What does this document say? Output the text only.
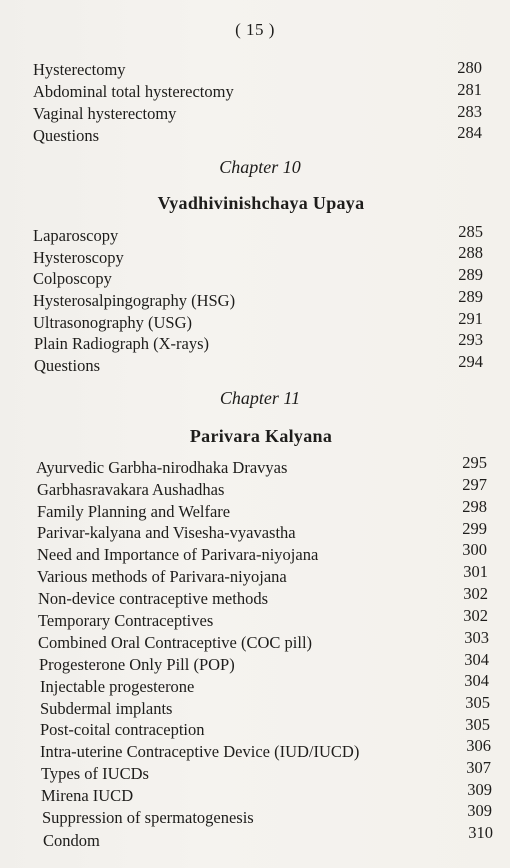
( 15 )
Hysterectomy	280
Abdominal total hysterectomy	281
Vaginal hysterectomy	283
Questions	284
Chapter 10
Vyadhivinishchaya Upaya
Laparoscopy	285
Hysteroscopy	288
Colposcopy	289
Hysterosalpingography (HSG)	289
Ultrasonography (USG)	291
Plain Radiograph (X-rays)	293
Questions	294
Chapter 11
Parivara Kalyana
Ayurvedic Garbha-nirodhaka Dravyas	295
Garbhasravakara Aushadhas	297
Family Planning and Welfare	298
Parivar-kalyana and Visesha-vyavastha	299
Need and Importance of Parivara-niyojana	300
Various methods of Parivara-niyojana	301
Non-device contraceptive methods	302
Temporary Contraceptives	302
Combined Oral Contraceptive (COC pill)	303
Progesterone Only Pill (POP)	304
Injectable progesterone	304
Subdermal implants	305
Post-coital contraception	305
Intra-uterine Contraceptive Device (IUD/IUCD)	306
Types of IUCDs	307
Mirena IUCD	309
Suppression of spermatogenesis	309
Condom	310
